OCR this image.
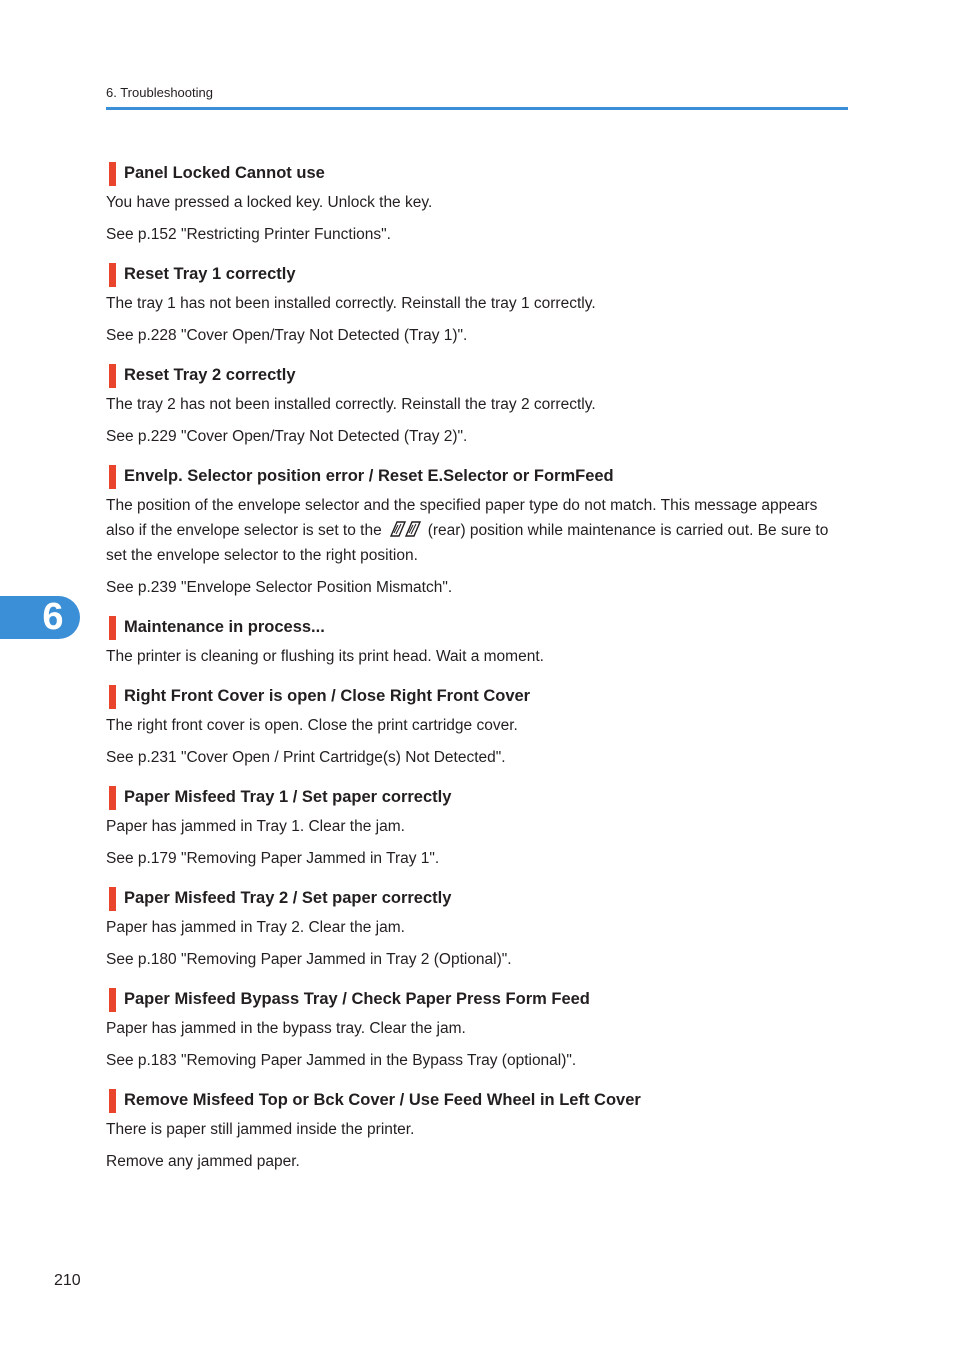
6. Troubleshooting
6
Panel Locked Cannot use

You have pressed a locked key. Unlock the key.

See p.152 "Restricting Printer Functions".

Reset Tray 1 correctly

The tray 1 has not been installed correctly. Reinstall the tray 1 correctly.

See p.228 "Cover Open/Tray Not Detected (Tray 1)".

Reset Tray 2 correctly

The tray 2 has not been installed correctly. Reinstall the tray 2 correctly.

See p.229 "Cover Open/Tray Not Detected (Tray 2)".

Envelp. Selector position error / Reset E.Selector or FormFeed

The position of the envelope selector and the specified paper type do not match. This message appears also if the envelope selector is set to the	(rear) position while maintenance is carried out. Be sure to set the envelope selector to the right position.

See p.239 "Envelope Selector Position Mismatch".

Maintenance in process...

The printer is cleaning or flushing its print head. Wait a moment.

Right Front Cover is open / Close Right Front Cover

The right front cover is open. Close the print cartridge cover.

See p.231 "Cover Open / Print Cartridge(s) Not Detected".

Paper Misfeed Tray 1 / Set paper correctly

Paper has jammed in Tray 1. Clear the jam.

See p.179 "Removing Paper Jammed in Tray 1".

Paper Misfeed Tray 2 / Set paper correctly

Paper has jammed in Tray 2. Clear the jam.

See p.180 "Removing Paper Jammed in Tray 2 (Optional)".

Paper Misfeed Bypass Tray / Check Paper Press Form Feed

Paper has jammed in the bypass tray. Clear the jam.

See p.183 "Removing Paper Jammed in the Bypass Tray (optional)".

Remove Misfeed Top or Bck Cover / Use Feed Wheel in Left Cover

There is paper still jammed inside the printer.

Remove any jammed paper.

210
